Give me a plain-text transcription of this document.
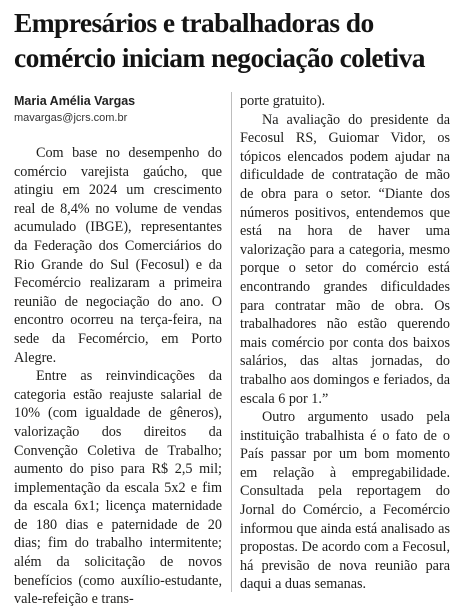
Empresários e trabalhadoras do
comércio iniciam negociação coletiva

Maria Amélia Vargas

mavargas@jcrs.com.br

Com base no desempenho do comércio varejista gaúcho, que atingiu em 2024 um crescimento real de 8,4% no volume de vendas acumulado (IBGE), representantes da Federação dos Comerciários do Rio Grande do Sul (Fecosul) e da Fecomércio realizaram a primeira reunião de negociação do ano. O encontro ocorreu na terça-feira, na sede da Fecomércio, em Porto Alegre.

Entre as reinvindicações da categoria estão reajuste salarial de 10% (com igualdade de gêneros), valorização dos direitos da Convenção Coletiva de Trabalho; aumento do piso para R$ 2,5 mil; implementação da escala 5x2 e fim da escala 6x1; licença maternidade de 180 dias e paternidade de 20 dias; fim do trabalho intermitente; além da solicitação de novos benefícios (como auxílio-estudante, vale-refeição e trans-

porte gratuito).

Na avaliação do presidente da Fecosul RS, Guiomar Vidor, os tópicos elencados podem ajudar na dificuldade de contratação de mão de obra para o setor. “Diante dos números positivos, entendemos que está na hora de haver uma valorização para a categoria, mesmo porque o setor do comércio está encontrando grandes dificuldades para contratar mão de obra. Os trabalhadores não estão querendo mais comércio por conta dos baixos salários, das altas jornadas, do trabalho aos domingos e feriados, da escala 6 por 1.”

Outro argumento usado pela instituição trabalhista é o fato de o País passar por um bom momento em relação à empregabilidade. Consultada pela reportagem do Jornal do Comércio, a Fecomércio informou que ainda está analisado as propostas. De acordo com a Fecosul, há previsão de nova reunião para daqui a duas semanas.
